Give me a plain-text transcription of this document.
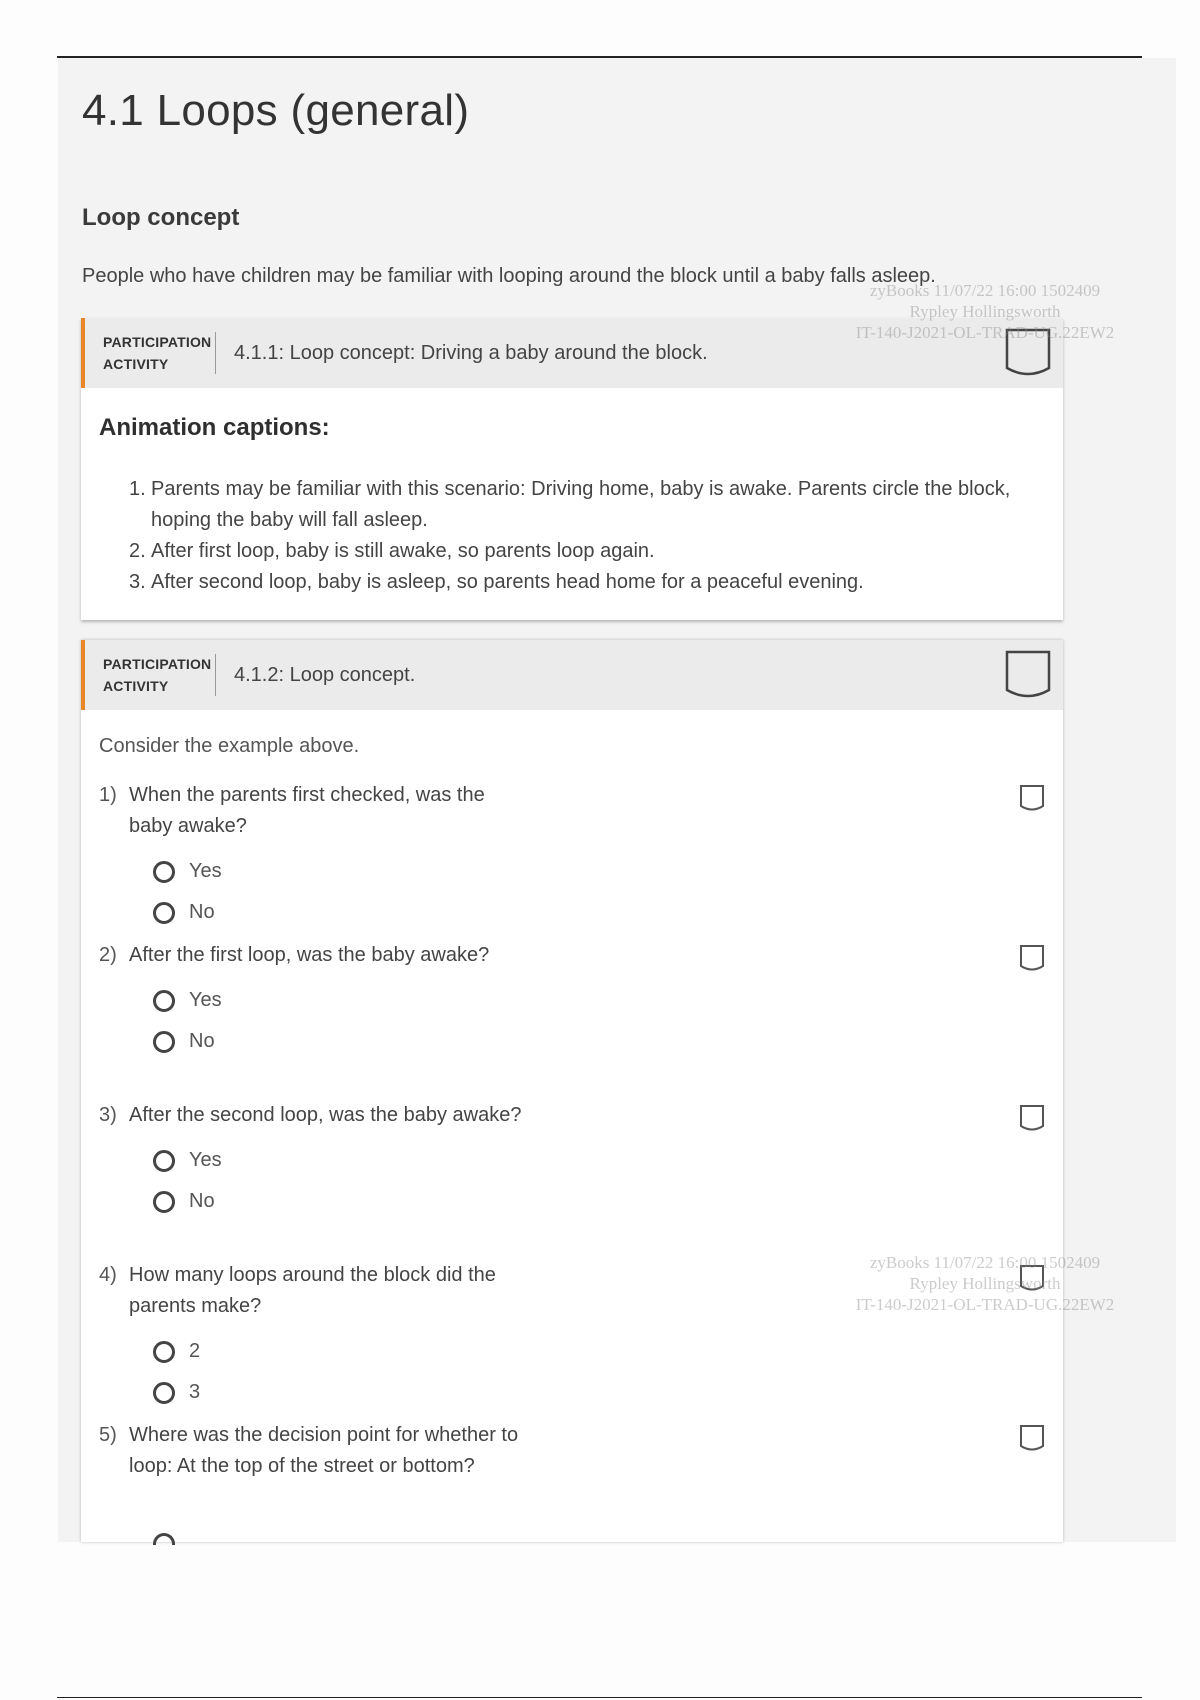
4.1 Loops (general)
Loop concept

People who have children may be familiar with looping around the block until a baby falls asleep.

PARTICIPATION
ACTIVITY
4.1.1: Loop concept: Driving a baby around the block.
Animation captions:
1. Parents may be familiar with this scenario: Driving home, baby is awake. Parents circle the block, hoping the baby will fall asleep.
2. After first loop, baby is still awake, so parents loop again.
3. After second loop, baby is asleep, so parents head home for a peaceful evening.
PARTICIPATION
ACTIVITY
4.1.2: Loop concept.
Consider the example above.
1) When the parents first checked, was the baby awake?
Yes
No
2) After the first loop, was the baby awake?
Yes
No
3) After the second loop, was the baby awake?
Yes
No
4) How many loops around the block did the parents make?
2
3
5) Where was the decision point for whether to loop: At the top of the street or bottom?
zyBooks 11/07/22 16:00 1502409
Rypley Hollingsworth
IT-140-J2021-OL-TRAD-UG.22EW2
zyBooks 11/07/22 16:00 1502409
Rypley Hollingsworth
IT-140-J2021-OL-TRAD-UG.22EW2
